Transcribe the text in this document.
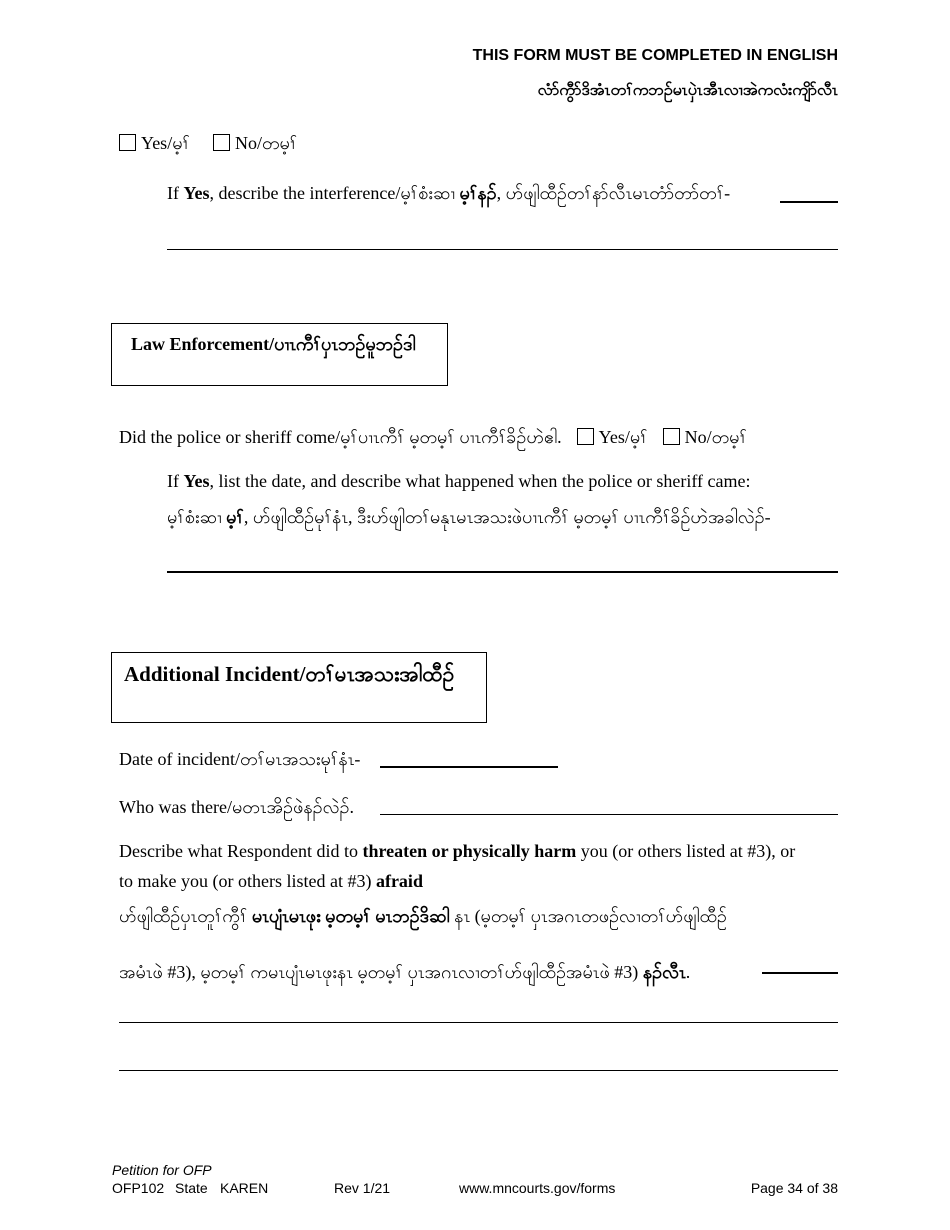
THIS FORM MUST BE COMPLETED IN ENGLISH
လံာ်ကွီာ်ဒိအံၤတၢ်ကဘဉ်မၤပှဲၤအီၤလၢအဲကလံးကျိာ်လီၤ
Yes/မ့ၢ်	No/တမ့ၢ်
If Yes, describe the interference/မ့ၢ်စံးဆၢ မ့ၢ်နၣ်, ဟ်ဖျါထီဉ်တၢ်နာ်လီၤမၤတံာ်တာ်တၢ်-
Law Enforcement/ပၢၤကီၢ်ပှၤဘဉ်မူဘဉ်ဒါ
Did the police or sheriff come/မ့ၢ်ပၢၤကီၢ် မ့တမ့ၢ် ပၢၤကီၢ်ခိဉ်ဟဲဧါ. Yes/မ့ၢ် No/တမ့ၢ်
If Yes, list the date, and describe what happened when the police or sheriff came:
မ့ၢ်စံးဆၢ မ့ၢ်, ဟ်ဖျါထီဉ်မုၢ်နံၤ, ဒီးဟ်ဖျါတၢ်မနုၤမၤအသးဖဲပၢၤကီၢ် မ့တမ့ၢ် ပၢၤကီၢ်ခိဉ်ဟဲအခါလဲၣ်-
Additional Incident/တၢ်မၤအသးအါထီဉ်
Date of incident/တၢ်မၤအသးမုၢ်နံၤ-
Who was there/မတၤအိဉ်ဖဲနၣ်လဲၣ်.
Describe what Respondent did to threaten or physically harm you (or others listed at #3), or
to make you (or others listed at #3) afraid
ဟ်ဖျါထီဉ်ပှၤတူၢ်ကွီၢ် မၤပျံၤမၤဖုး မ့တမ့ၢ် မၤဘဉ်ဒိဆါ နၤ (မ့တမ့ၢ် ပှၤအဂၤတဖဉ်လၢတၢ်ဟ်ဖျါထီဉ်
အမံၤဖဲ #3), မ့တမ့ၢ် ကမၤပျံၤမၤဖုးနၤ မ့တမ့ၢ် ပှၤအဂၤလၢတၢ်ဟ်ဖျါထီဉ်အမံၤဖဲ #3) နၣ်လီၤ.
Petition for OFP
OFP102 State KAREN	Rev 1/21	www.mncourts.gov/forms	Page 34 of 38
